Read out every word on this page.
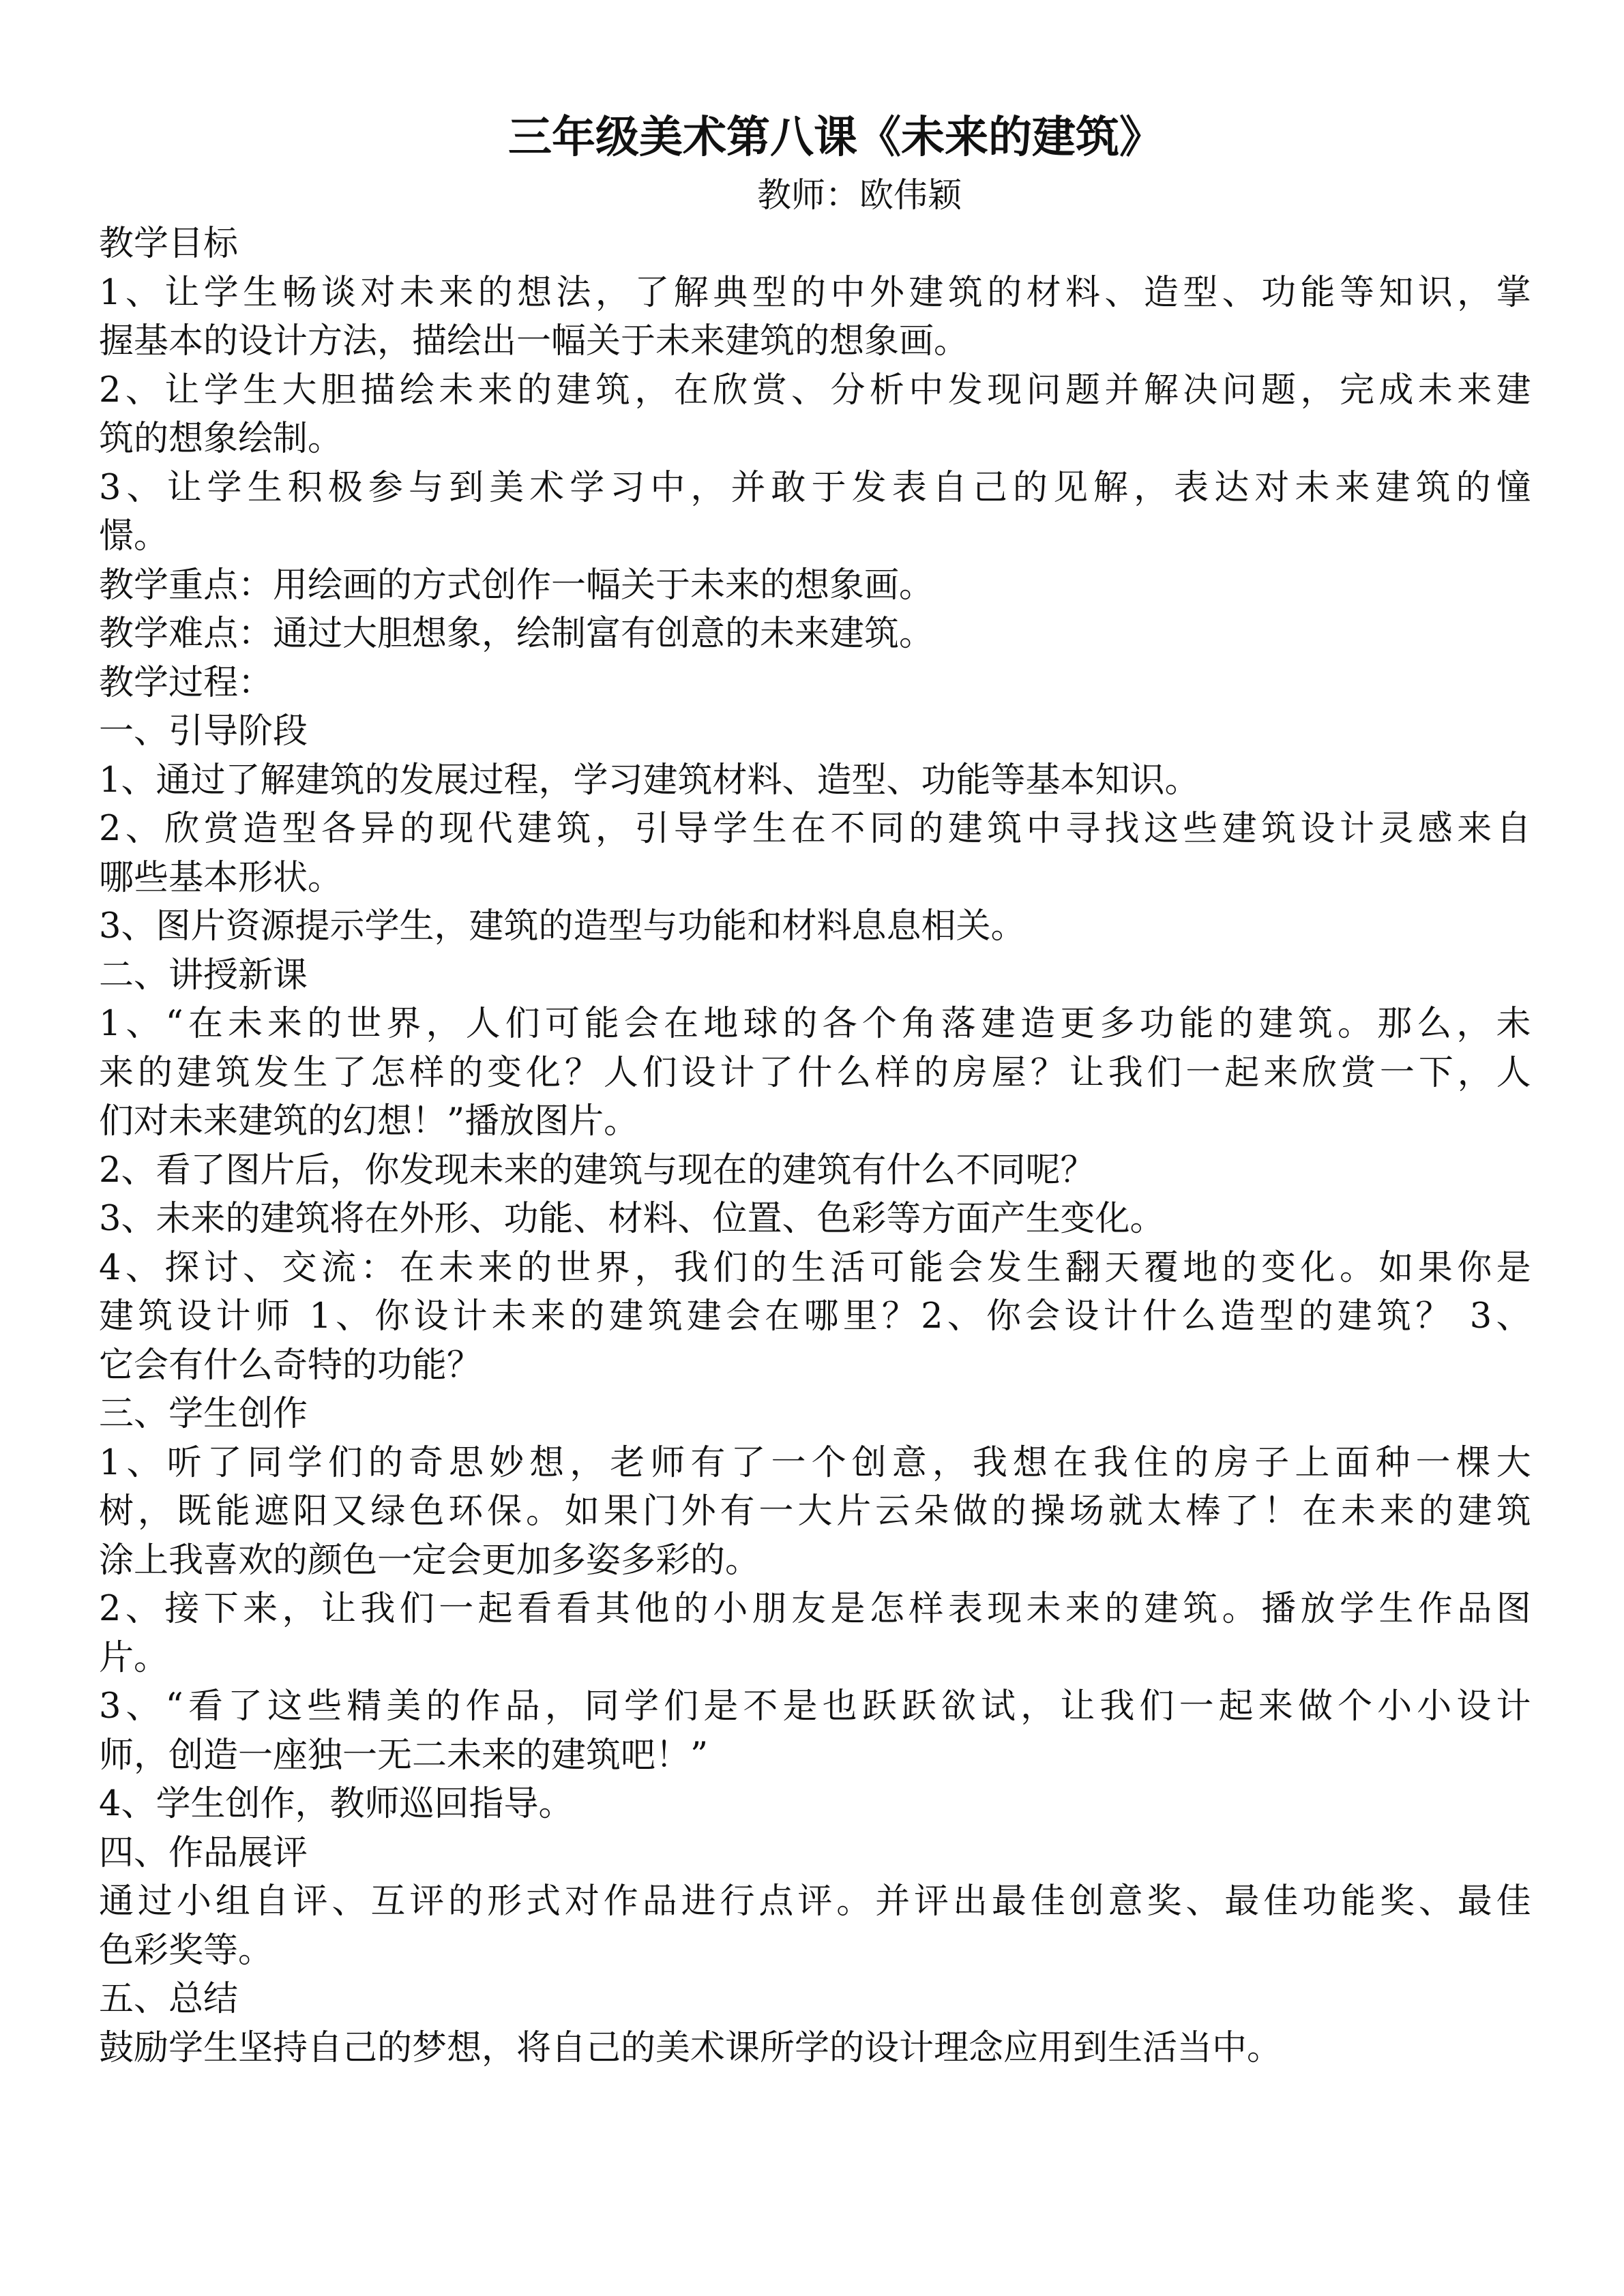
三年级美术第八课《未来的建筑》
教师：欧伟颖
教学目标
1 、 让 学 生 畅 谈 对 未 来 的 想 法 ， 了 解 典 型 的 中 外 建 筑 的 材 料 、 造 型 、 功 能 等 知 识 ， 掌
握基本的设计方法，描绘出一幅关于未来建筑的想象画。
2 、 让 学 生 大 胆 描 绘 未 来 的 建 筑 ， 在 欣 赏 、 分 析 中 发 现 问 题 并 解 决 问 题 ， 完 成 未 来 建
筑的想象绘制。
3 、 让 学 生 积 极 参 与 到 美 术 学 习 中 ， 并 敢 于 发 表 自 己 的 见 解 ， 表 达 对 未 来 建 筑 的 憧
憬。
教学重点：用绘画的方式创作一幅关于未来的想象画。
教学难点：通过大胆想象，绘制富有创意的未来建筑。
教学过程：
一、引导阶段
1、通过了解建筑的发展过程，学习建筑材料、造型、功能等基本知识。
2 、 欣 赏 造 型 各 异 的 现 代 建 筑 ， 引 导 学 生 在 不 同 的 建 筑 中 寻 找 这 些 建 筑 设 计 灵 感 来 自
哪些基本形状。
3、图片资源提示学生，建筑的造型与功能和材料息息相关。
二、讲授新课
1 、 “ 在 未 来 的 世 界 ， 人 们 可 能 会 在 地 球 的 各 个 角 落 建 造 更 多 功 能 的 建 筑 。 那 么 ， 未
来 的 建 筑 发 生 了 怎 样 的 变 化 ？ 人 们 设 计 了 什 么 样 的 房 屋 ？ 让 我 们 一 起 来 欣 赏 一 下 ， 人
们对未来建筑的幻想！”播放图片。
2、看了图片后，你发现未来的建筑与现在的建筑有什么不同呢？
3、未来的建筑将在外形、功能、材料、位置、色彩等方面产生变化。
4 、 探 讨 、 交 流 ： 在 未 来 的 世 界 ， 我 们 的 生 活 可 能 会 发 生 翻 天 覆 地 的 变 化 。 如 果 你 是
建 筑 设 计 师
1 、 你 设 计 未 来 的 建 筑 建 会 在 哪 里 ？ 2 、 你 会 设 计 什 么 造 型 的 建 筑 ？
3 、
它会有什么奇特的功能？
三、学生创作
1 、 听 了 同 学 们 的 奇 思 妙 想 ， 老 师 有 了 一 个 创 意 ， 我 想 在 我 住 的 房 子 上 面 种 一 棵 大
树 ， 既 能 遮 阳 又 绿 色 环 保 。 如 果 门 外 有 一 大 片 云 朵 做 的 操 场 就 太 棒 了 ！ 在 未 来 的 建 筑
涂上我喜欢的颜色一定会更加多姿多彩的。
2 、 接 下 来 ， 让 我 们 一 起 看 看 其 他 的 小 朋 友 是 怎 样 表 现 未 来 的 建 筑 。 播 放 学 生 作 品 图
片。
3 、 “ 看 了 这 些 精 美 的 作 品 ， 同 学 们 是 不 是 也 跃 跃 欲 试 ， 让 我 们 一 起 来 做 个 小 小 设 计
师，创造一座独一无二未来的建筑吧！”
4、学生创作，教师巡回指导。
四、作品展评
通 过 小 组 自 评 、 互 评 的 形 式 对 作 品 进 行 点 评 。 并 评 出 最 佳 创 意 奖 、 最 佳 功 能 奖 、 最 佳
色彩奖等。
五、总结
鼓励学生坚持自己的梦想，将自己的美术课所学的设计理念应用到生活当中。
